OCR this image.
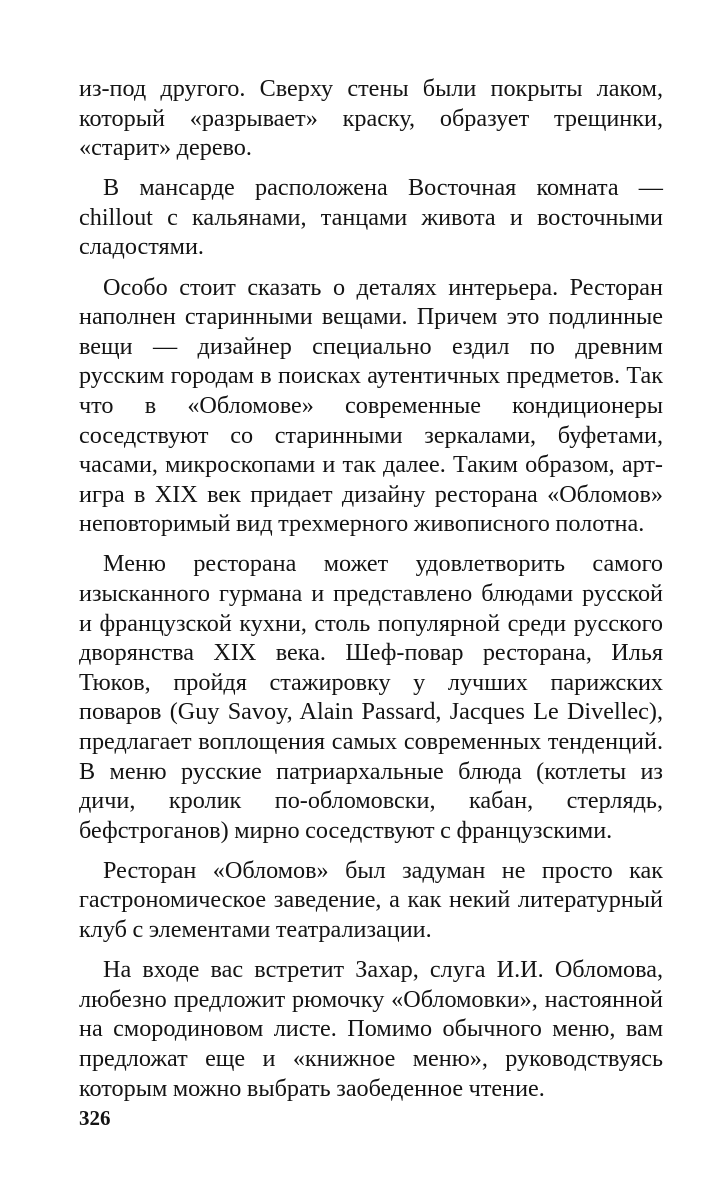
из-под другого. Сверху стены были покрыты лаком, который «разрывает» краску, образует трещинки, «старит» дерево.

В мансарде расположена Восточная комната — chillout с кальянами, танцами живота и восточными сладостями.

Особо стоит сказать о деталях интерьера. Ресторан наполнен старинными вещами. Причем это подлинные вещи — дизайнер специально ездил по древним русским городам в поисках аутентичных предметов. Так что в «Обломове» современные кондиционеры соседствуют со старинными зеркалами, буфетами, часами, микроскопами и так далее. Таким образом, арт-игра в XIX век придает дизайну ресторана «Обломов» неповторимый вид трехмерного живописного полотна.

Меню ресторана может удовлетворить самого изысканного гурмана и представлено блюдами русской и французской кухни, столь популярной среди русского дворянства XIX века. Шеф-повар ресторана, Илья Тюков, пройдя стажировку у лучших парижских поваров (Guy Savoy, Alain Passard, Jacques Le Divellec), предлагает воплощения самых современных тенденций. В меню русские патриархальные блюда (котлеты из дичи, кролик по-обломовски, кабан, стерлядь, бефстроганов) мирно соседствуют с французскими.

Ресторан «Обломов» был задуман не просто как гастрономическое заведение, а как некий литературный клуб с элементами театрализации.

На входе вас встретит Захар, слуга И.И. Обломова, любезно предложит рюмочку «Обломовки», настоянной на смородиновом листе. Помимо обычного меню, вам предложат еще и «книжное меню», руководствуясь которым можно выбрать заобеденное чтение.

326
